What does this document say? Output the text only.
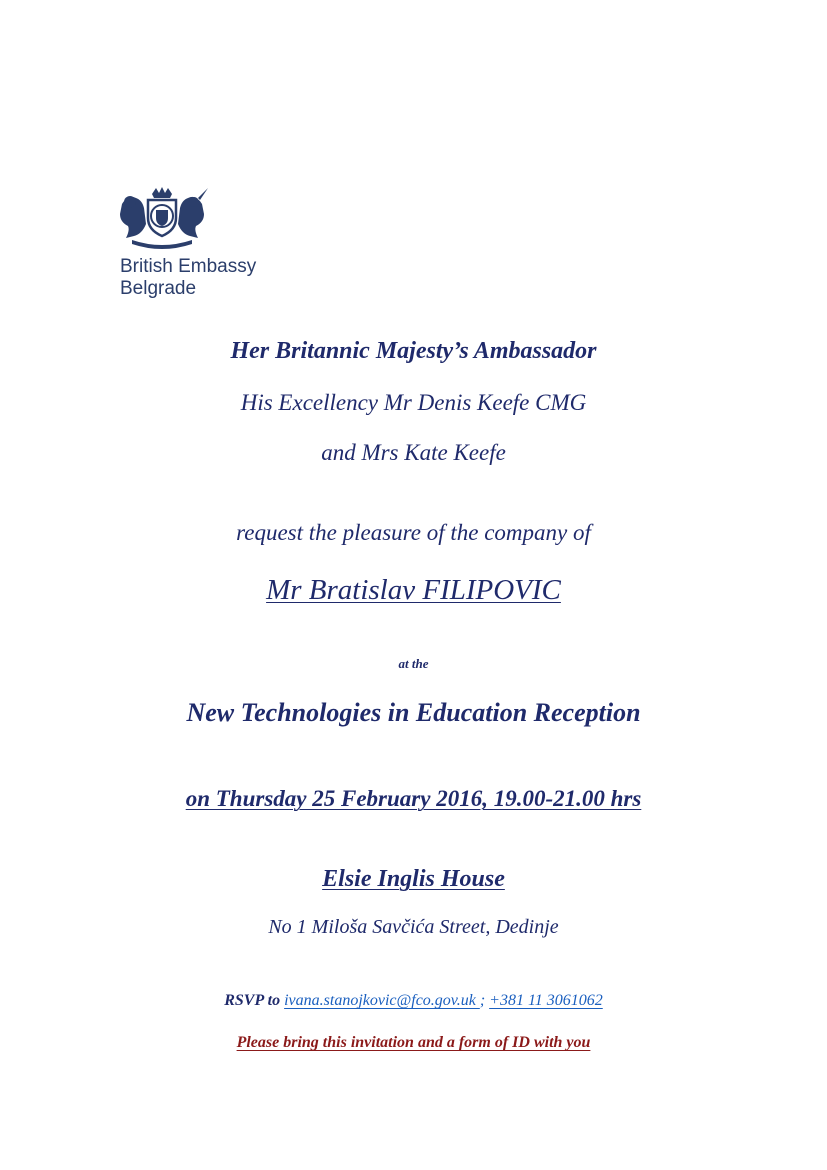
British Embassy
Belgrade
Her Britannic Majesty’s Ambassador
His Excellency Mr Denis Keefe CMG
and Mrs Kate Keefe
request the pleasure of the company of
Mr Bratislav FILIPOVIC
at the
New Technologies in Education Reception
on Thursday 25 February 2016, 19.00-21.00 hrs
Elsie Inglis House
No 1 Miloša Savčića Street, Dedinje
RSVP to ivana.stanojkovic@fco.gov.uk ; +381 11 3061062
Please bring this invitation and a form of ID with you
